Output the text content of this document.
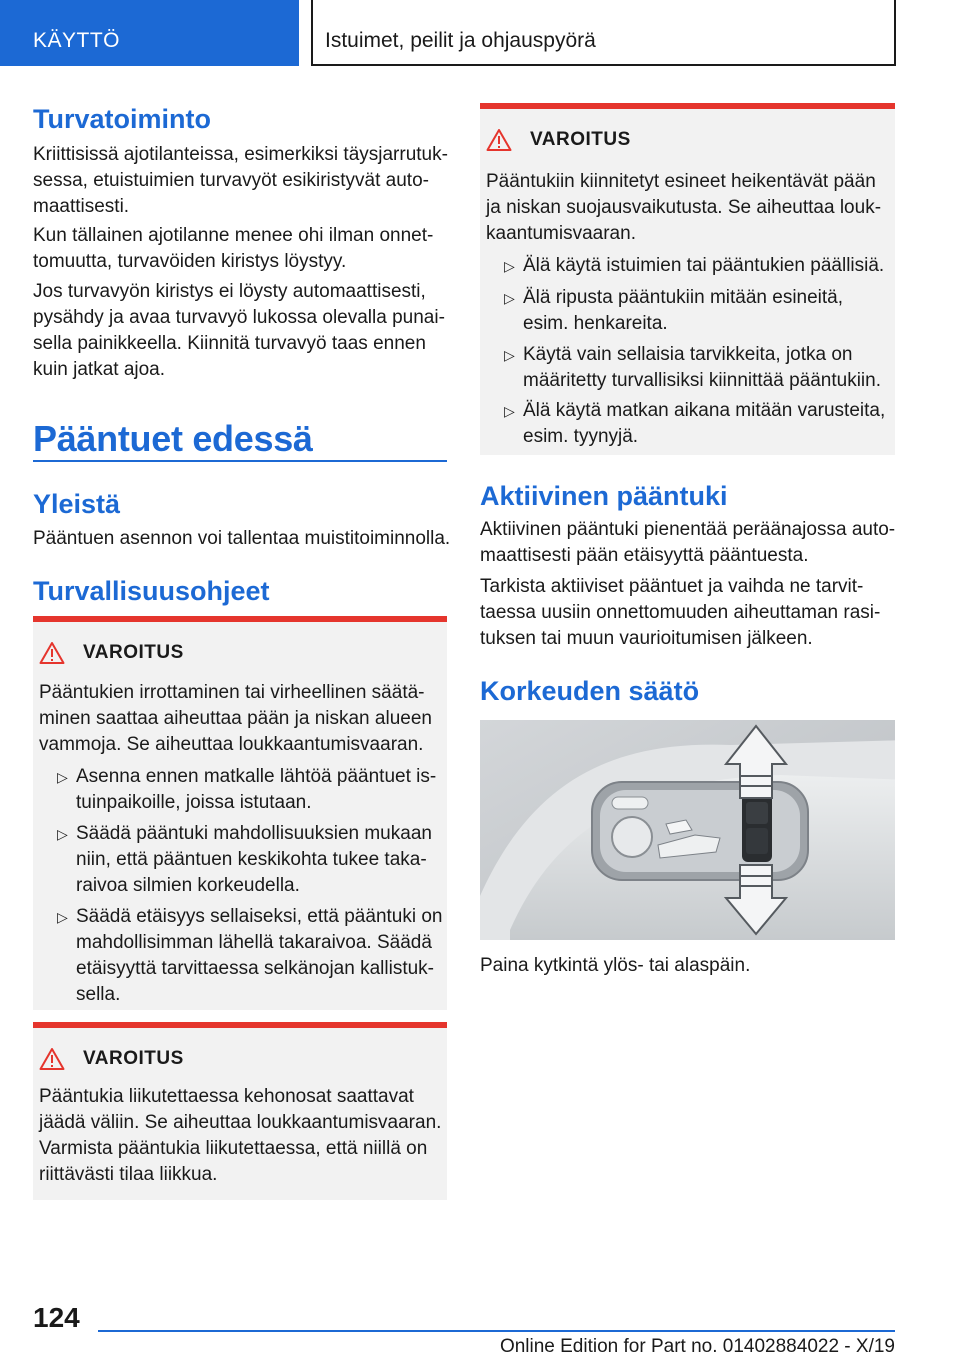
KÄYTTÖ	Istuimet, peilit ja ohjauspyörä
Turvatoiminto
Kriittisissä ajotilanteissa, esimerkiksi täysjarrutuk-
sessa, etuistuimien turvavyöt esikiristyvät auto-
maattisesti.
Kun tällainen ajotilanne menee ohi ilman onnet-
tomuutta, turvavöiden kiristys löystyy.
Jos turvavyön kiristys ei löysty automaattisesti,
pysähdy ja avaa turvavyö lukossa olevalla punai-
sella painikkeella. Kiinnitä turvavyö taas ennen
kuin jatkat ajoa.
Pääntuet edessä
Yleistä
Pääntuen asennon voi tallentaa muistitoiminnolla.
Turvallisuusohjeet
VAROITUS
Pääntukien irrottaminen tai virheellinen säätä-
minen saattaa aiheuttaa pään ja niskan alueen
vammoja. Se aiheuttaa loukkaantumisvaaran.
▷ Asenna ennen matkalle lähtöä pääntuet is-
tuinpaikoille, joissa istutaan.
▷ Säädä pääntuki mahdollisuuksien mukaan
niin, että pääntuen keskikohta tukee taka-
raivoa silmien korkeudella.
▷ Säädä etäisyys sellaiseksi, että pääntuki on
mahdollisimman lähellä takaraivoa. Säädä
etäisyyttä tarvittaessa selkänojan kallistuk-
sella.
VAROITUS
Pääntukia liikutettaessa kehonosat saattavat
jäädä väliin. Se aiheuttaa loukkaantumisvaaran.
Varmista pääntukia liikutettaessa, että niillä on
riittävästi tilaa liikkua.
VAROITUS
Pääntukiin kiinnitetyt esineet heikentävät pään
ja niskan suojausvaikutusta. Se aiheuttaa louk-
kaantumisvaaran.
▷ Älä käytä istuimien tai pääntukien päällisiä.
▷ Älä ripusta pääntukiin mitään esineitä,
esim. henkareita.
▷ Käytä vain sellaisia tarvikkeita, jotka on
määritetty turvallisiksi kiinnittää pääntukiin.
▷ Älä käytä matkan aikana mitään varusteita,
esim. tyynyjä.
Aktiivinen pääntuki
Aktiivinen pääntuki pienentää peräänajossa auto-
maattisesti pään etäisyyttä pääntuesta.
Tarkista aktiiviset pääntuet ja vaihda ne tarvit-
taessa uusiin onnettomuuden aiheuttaman rasi-
tuksen tai muun vaurioitumisen jälkeen.
Korkeuden säätö
Paina kytkintä ylös- tai alaspäin.
124
Online Edition for Part no. 01402884022 - X/19
